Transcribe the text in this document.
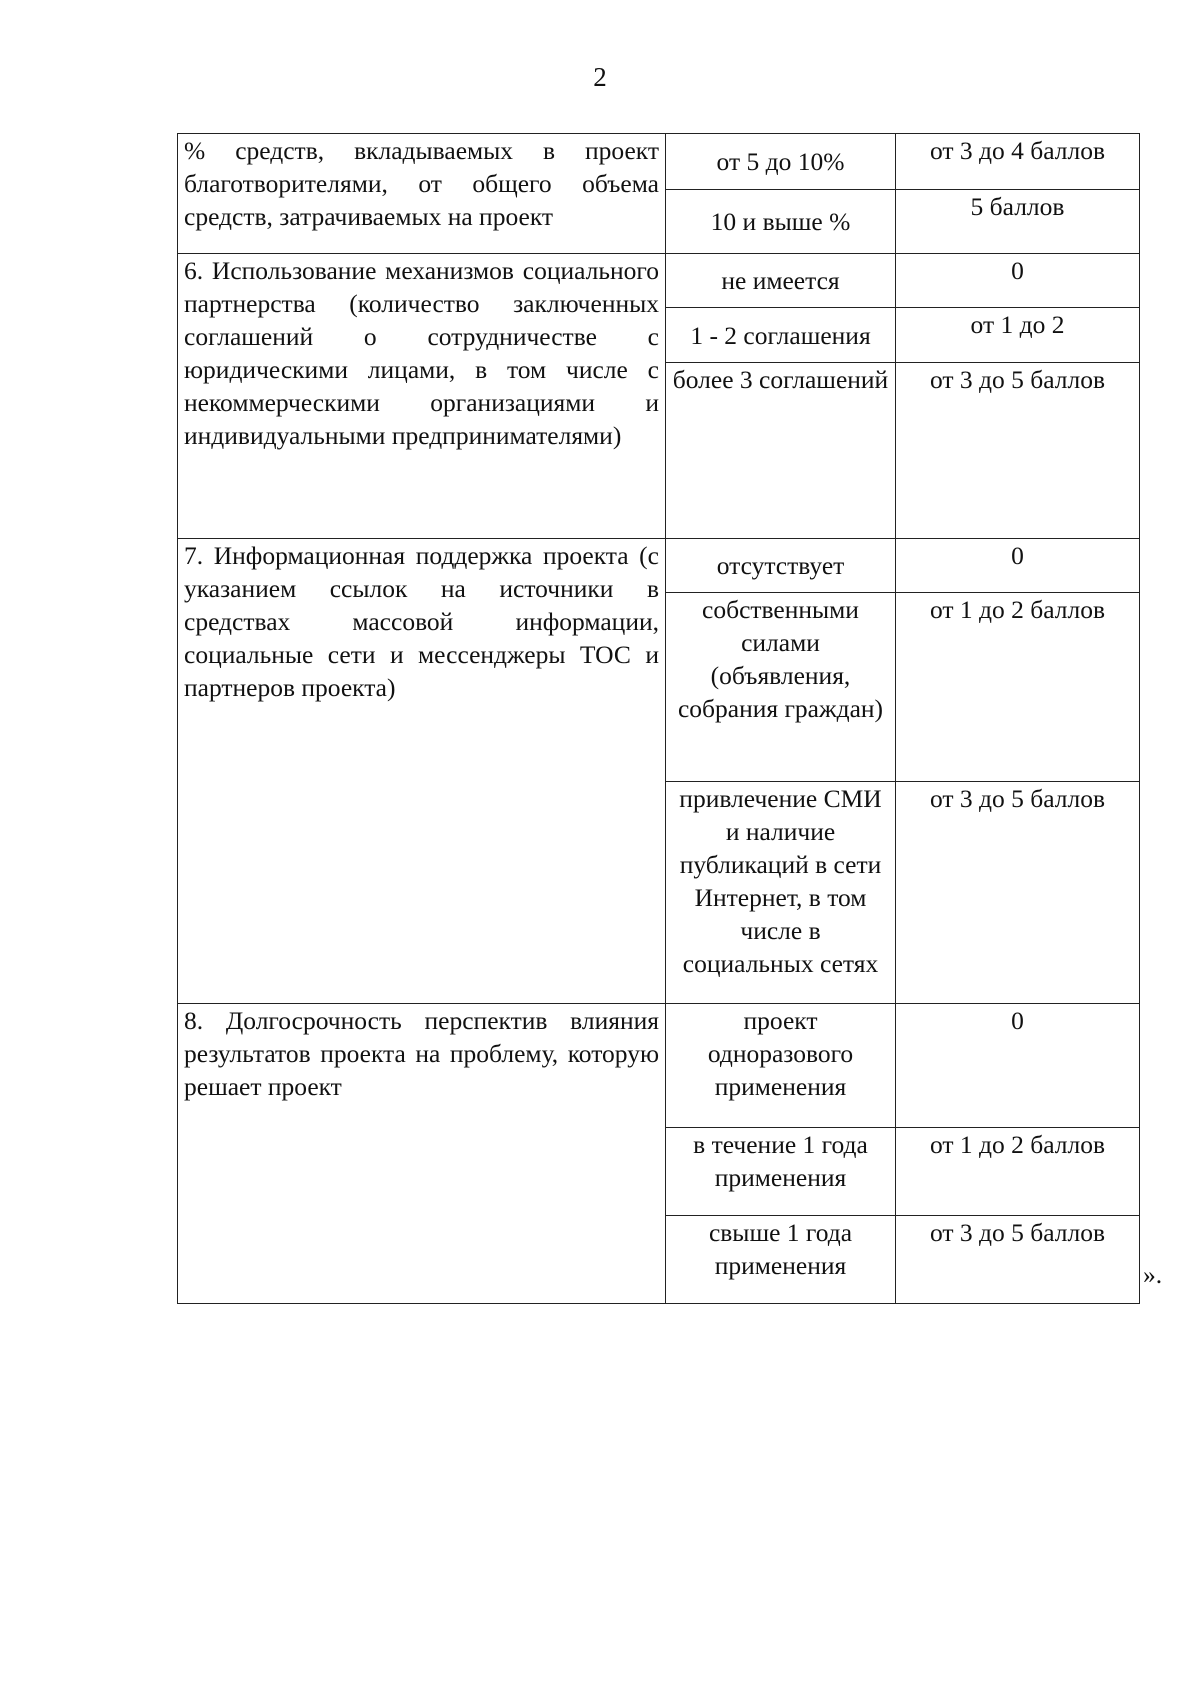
2
% средств, вкладываемых в проект благотворителями, от общего объема средств, затрачиваемых на проект	от 5 до 10%	от 3 до 4 баллов
	10 и выше %	5 баллов

6. Использование механизмов социального партнерства (количество заключенных соглашений о сотрудничестве с юридическими лицами, в том числе с некоммерческими организациями и индивидуальными предпринимателями)	не имеется	0
	1 - 2 соглашения	от 1 до 2
	более 3 соглашений	от 3 до 5 баллов

7. Информационная поддержка проекта (с указанием ссылок на источники в средствах массовой информации, социальные сети и мессенджеры ТОС и партнеров проекта)	отсутствует	0
	собственными силами (объявления, собрания граждан)	от 1 до 2 баллов
	привлечение СМИ и наличие публикаций в сети Интернет, в том числе в социальных сетях	от 3 до 5 баллов

8. Долгосрочность перспектив влияния результатов проекта на проблему, которую решает проект	проект одноразового применения	0
	в течение 1 года применения	от 1 до 2 баллов
	свыше 1 года применения	от 3 до 5 баллов
».
